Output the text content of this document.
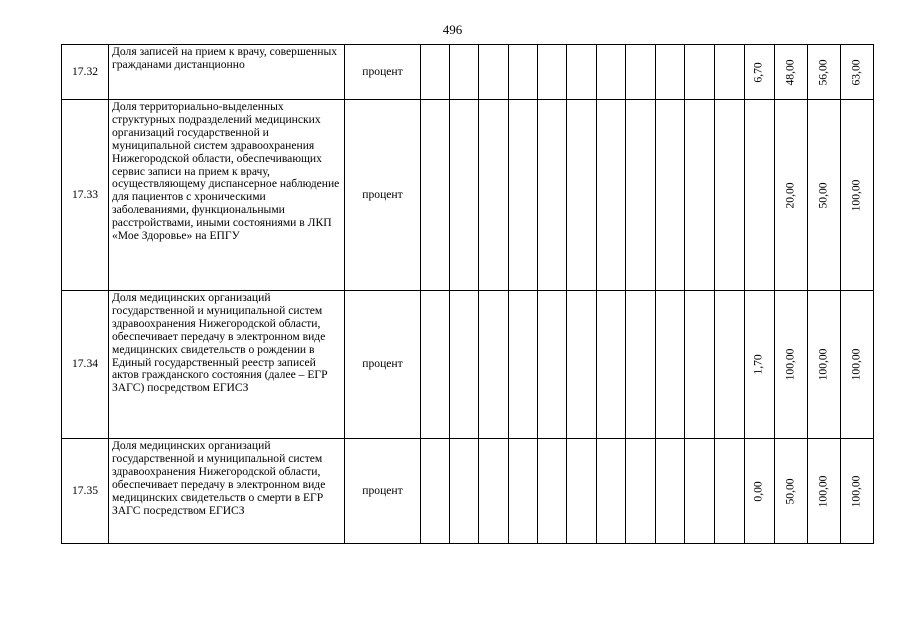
496
17.32	Доля записей на прием к врачу, совершенных гражданами дистанционно	процент												6,70	48,00	56,00	63,00
17.33	Доля территориально-выделенных структурных подразделений медицинских организаций государственной и муниципальной систем здравоохранения Нижегородской области, обеспечивающих сервис записи на прием к врачу, осуществляющему диспансерное наблюдение для пациентов с хроническими заболеваниями, функциональными расстройствами, иными состояниями в ЛКП «Мое Здоровье» на ЕПГУ	процент													20,00	50,00	100,00
17.34	Доля медицинских организаций государственной и муниципальной систем здравоохранения Нижегородской области, обеспечивает передачу в электронном виде медицинских свидетельств о рождении в Единый государственный реестр записей актов гражданского состояния (далее – ЕГР ЗАГС) посредством ЕГИСЗ	процент												1,70	100,00	100,00	100,00
17.35	Доля медицинских организаций государственной и муниципальной систем здравоохранения Нижегородской области, обеспечивает передачу в электронном виде медицинских свидетельств о смерти в ЕГР ЗАГС посредством ЕГИСЗ	процент												0,00	50,00	100,00	100,00
